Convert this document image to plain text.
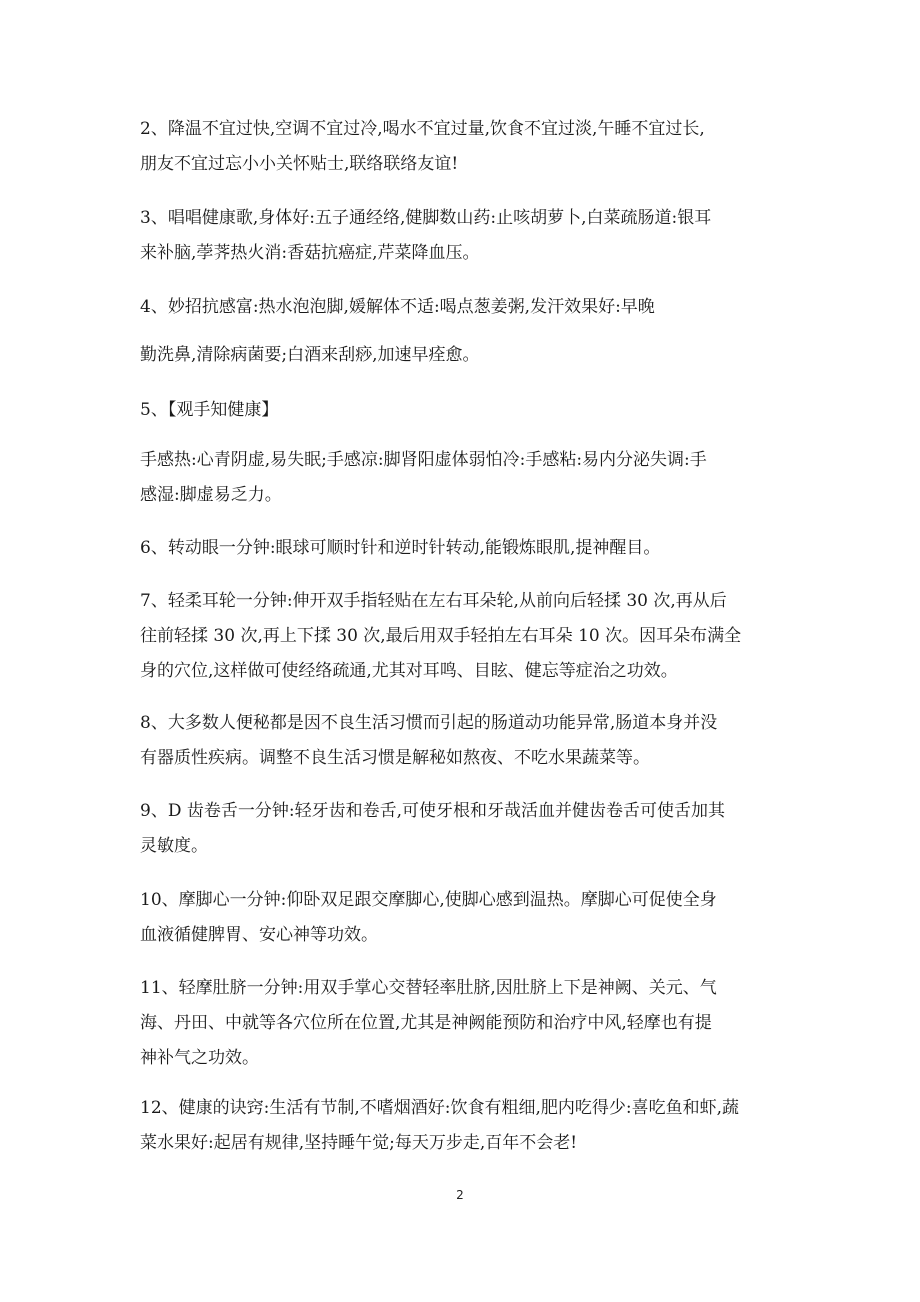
2、降温不宜过快,空调不宜过冷,喝水不宜过量,饮食不宜过淡,午睡不宜过长,
朋友不宜过忘小小关怀贴士,联络联络友谊!

3、唱唱健康歌,身体好:五子通经络,健脚数山药:止咳胡萝卜,白菜疏肠道:银耳
来补脑,荸荠热火消:香菇抗癌症,芹菜降血压。

4、妙招抗感富:热水泡泡脚,媛解体不适:喝点葱姜粥,发汗效果好:早晚

勤洗鼻,清除病菌要;白酒来刮痧,加速早痊愈。

5、【观手知健康】

手感热:心青阴虚,易失眠;手感凉:脚肾阳虚体弱怕冷:手感粘:易内分泌失调:手
感湿:脚虚易乏力。

6、转动眼一分钟:眼球可顺时针和逆时针转动,能锻炼眼肌,提神醒目。

7、轻柔耳轮一分钟:伸开双手指轻贴在左右耳朵轮,从前向后轻揉 30 次,再从后
往前轻揉 30 次,再上下揉 30 次,最后用双手轻拍左右耳朵 10 次。因耳朵布满全
身的穴位,这样做可使经络疏通,尤其对耳鸣、目眩、健忘等症治之功效。

8、大多数人便秘都是因不良生活习惯而引起的肠道动功能异常,肠道本身并没
有器质性疾病。调整不良生活习惯是解秘如熬夜、不吃水果蔬菜等。

9、D 齿卷舌一分钟:轻牙齿和卷舌,可使牙根和牙哉活血并健齿卷舌可使舌加其
灵敏度。

10、摩脚心一分钟:仰卧双足跟交摩脚心,使脚心感到温热。摩脚心可促使全身
血液循健脾胃、安心神等功效。

11、轻摩肚脐一分钟:用双手掌心交替轻率肚脐,因肚脐上下是神阙、关元、气
海、丹田、中就等各穴位所在位置,尤其是神阙能预防和治疗中风,轻摩也有提
神补气之功效。

12、健康的诀窍:生活有节制,不嗜烟酒好:饮食有粗细,肥内吃得少:喜吃鱼和虾,蔬
菜水果好:起居有规律,坚持睡午觉;每天万步走,百年不会老!

2
